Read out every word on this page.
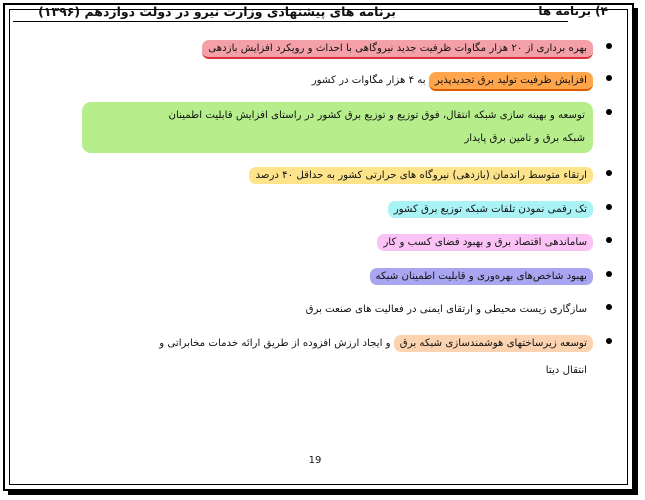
۴) برنامه ها
برنامه های پیشنهادی وزارت نیرو در دولت دوازدهم (۱۳۹۶)
بهره برداری از ۲۰ هزار مگاوات ظرفیت جدید نیروگاهی با احداث و رویکرد افزایش بازدهی
افزایش ظرفیت تولید برق تجدیدپذیر به ۴ هزار مگاوات در کشور
توسعه و بهینه سازی شبکه انتقال، فوق توزیع و توزیع برق کشور در راستای افزایش قابلیت اطمینان
شبکه برق و تامین برق پایدار
ارتقاء متوسط راندمان (بازدهی) نیروگاه های حرارتی کشور به حداقل ۴۰ درصد
تک رقمی نمودن تلفات شبکه توزیع برق کشور
ساماندهی اقتصاد برق و بهبود فضای کسب و کار
بهبود شاخص‌های بهره‌وری و قابلیت اطمینان شبکه
سازگاری زیست محیطی و ارتقای ایمنی در فعالیت های صنعت برق
توسعه زیرساختهای هوشمندسازی شبکه برق و ایجاد ارزش افزوده از طریق ارائه خدمات مخابراتی و
انتقال دیتا
19
